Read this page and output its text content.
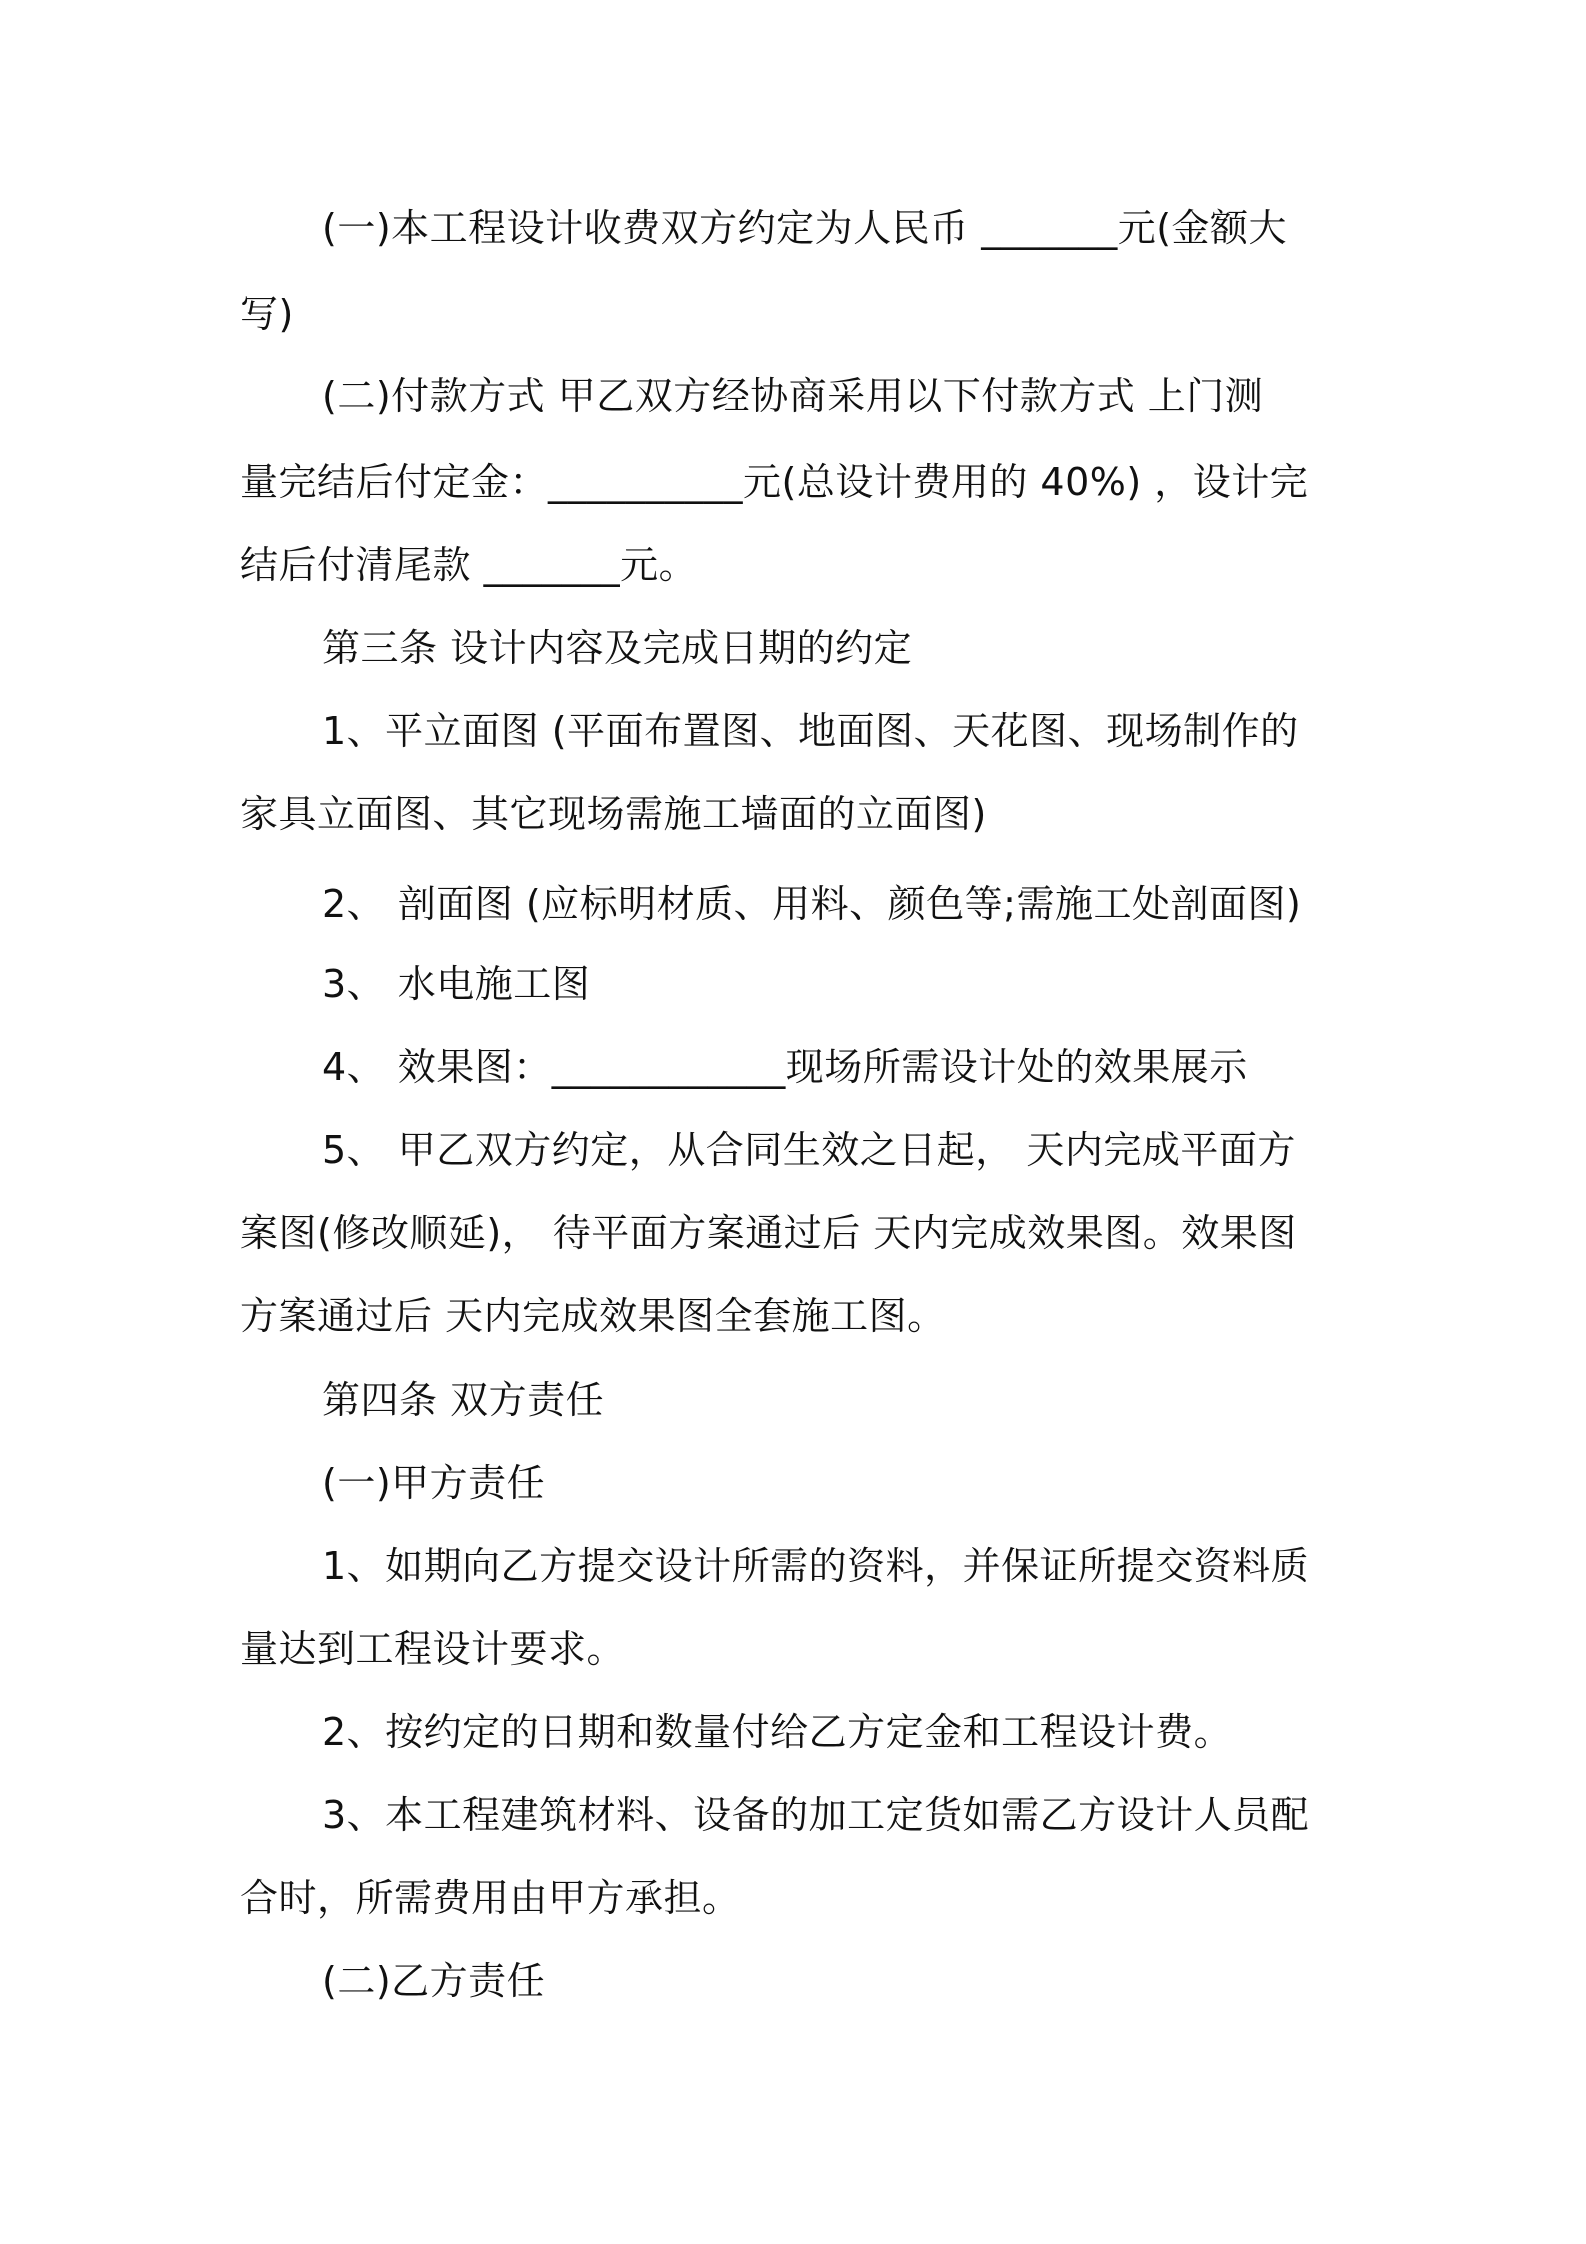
(一)本工程设计收费双方约定为人民币 _______元(金额大
写)
(二)付款方式 甲乙双方经协商采用以下付款方式 上门测
量完结后付定金：__________元(总设计费用的 40%) ，设计完
结后付清尾款 _______元。
第三条 设计内容及完成日期的约定
1、平立面图 (平面布置图、地面图、天花图、现场制作的
家具立面图、其它现场需施工墙面的立面图)
2、 剖面图 (应标明材质、用料、颜色等;需施工处剖面图)
3、 水电施工图
4、 效果图：____________现场所需设计处的效果展示
5、 甲乙双方约定，从合同生效之日起， 天内完成平面方
案图(修改顺延)， 待平面方案通过后 天内完成效果图。效果图
方案通过后 天内完成效果图全套施工图。
第四条 双方责任
(一)甲方责任
1、如期向乙方提交设计所需的资料，并保证所提交资料质
量达到工程设计要求。
2、按约定的日期和数量付给乙方定金和工程设计费。
3、本工程建筑材料、设备的加工定货如需乙方设计人员配
合时，所需费用由甲方承担。
(二)乙方责任
